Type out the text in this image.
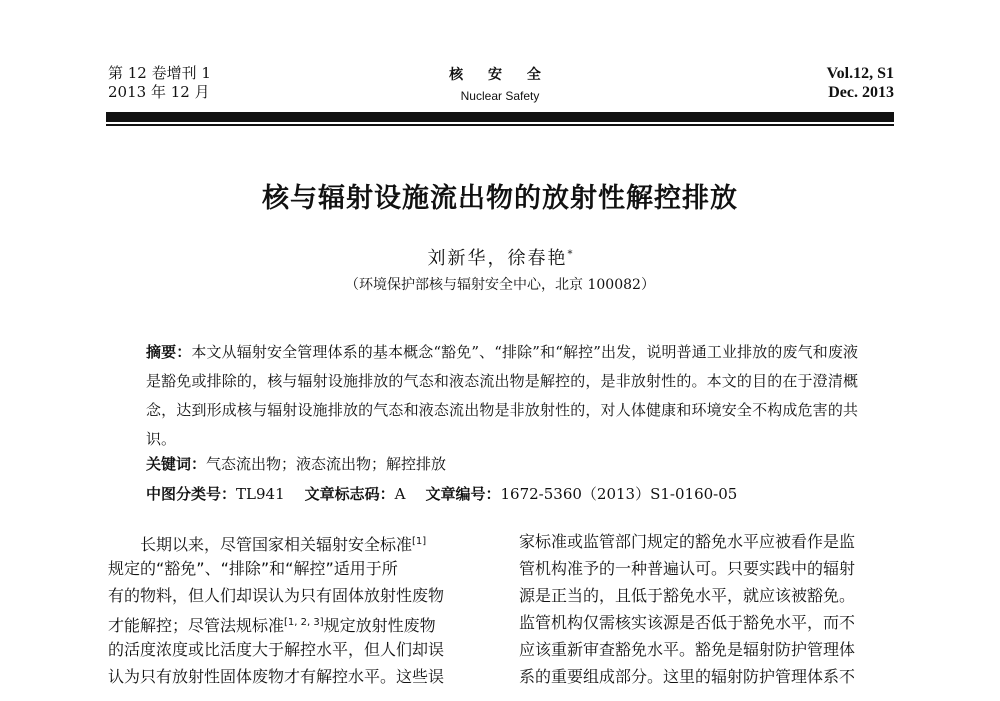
第 12 卷增刊 1
2013 年 12 月
核 安 全
Nuclear Safety
Vol.12, S1
Dec. 2013
核与辐射设施流出物的放射性解控排放
刘新华，徐春艳*
（环境保护部核与辐射安全中心，北京 100082）

摘要：本文从辐射安全管理体系的基本概念“豁免”、“排除”和“解控”出发，说明普通工业排放的废气和废液是豁免或排除的，核与辐射设施排放的气态和液态流出物是解控的，是非放射性的。本文的目的在于澄清概念，达到形成核与辐射设施排放的气态和液态流出物是非放射性的，对人体健康和环境安全不构成危害的共识。

关键词：气态流出物；液态流出物；解控排放
中图分类号：TL941 文章标志码：A 文章编号：1672-5360（2013）S1-0160-05
长期以来，尽管国家相关辐射安全标准[1]
规定的“豁免”、“排除”和“解控”适用于所
有的物料，但人们却误认为只有固体放射性废物
才能解控；尽管法规标准[1, 2, 3]规定放射性废物
的活度浓度或比活度大于解控水平，但人们却误
认为只有放射性固体废物才有解控水平。这些误
家标准或监管部门规定的豁免水平应被看作是监
管机构准予的一种普遍认可。只要实践中的辐射
源是正当的，且低于豁免水平，就应该被豁免。
监管机构仅需核实该源是否低于豁免水平，而不
应该重新审查豁免水平。豁免是辐射防护管理体
系的重要组成部分。这里的辐射防护管理体系不
